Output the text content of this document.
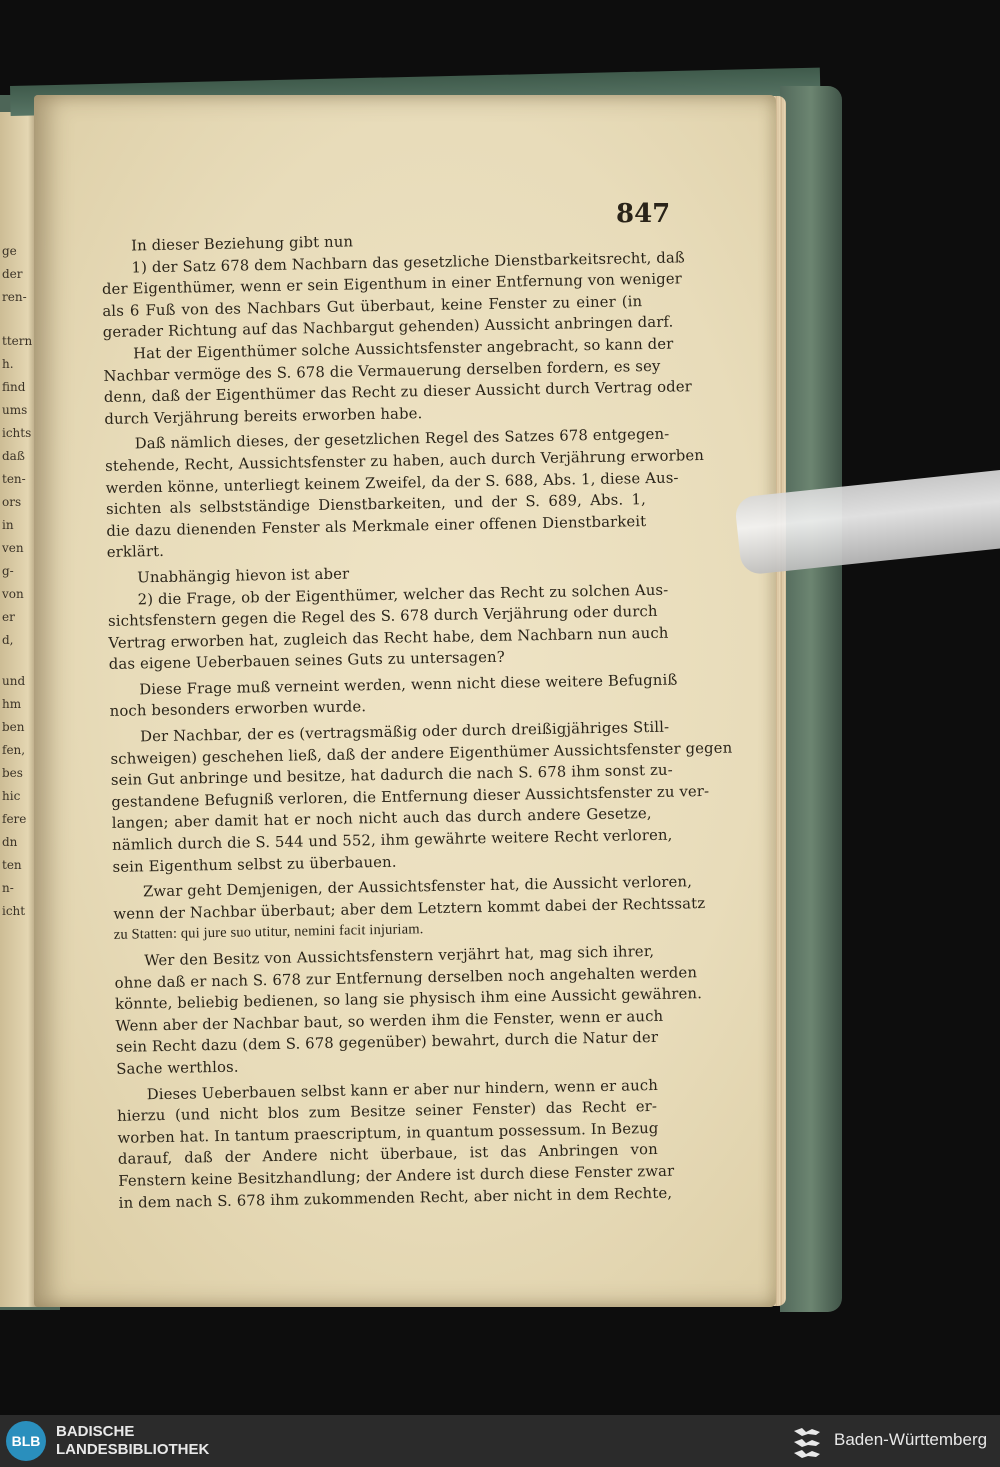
ge
der
ren-
ttern
h.
find
ums
ichts
daß
ten-
ors
in
ven
g-
von
er
d,
und
hm
ben
fen,
bes
hic
fere
dn
ten
n-
icht
847
In dieser Beziehung gibt nun
1) der Satz 678 dem Nachbarn das gesetzliche Dienstbarkeitsrecht, daß
der Eigenthümer, wenn er sein Eigenthum in einer Entfernung von weniger
als 6 Fuß von des Nachbars Gut überbaut, keine Fenster zu einer (in
gerader Richtung auf das Nachbargut gehenden) Aussicht anbringen darf.
Hat der Eigenthümer solche Aussichtsfenster angebracht, so kann der
Nachbar vermöge des S. 678 die Vermauerung derselben fordern, es sey
denn, daß der Eigenthümer das Recht zu dieser Aussicht durch Vertrag oder
durch Verjährung bereits erworben habe.
Daß nämlich dieses, der gesetzlichen Regel des Satzes 678 entgegen-
stehende, Recht, Aussichtsfenster zu haben, auch durch Verjährung erworben
werden könne, unterliegt keinem Zweifel, da der S. 688, Abs. 1, diese Aus-
sichten als selbstständige Dienstbarkeiten, und der S. 689, Abs. 1,
die dazu dienenden Fenster als Merkmale einer offenen Dienstbarkeit
erklärt.
Unabhängig hievon ist aber
2) die Frage, ob der Eigenthümer, welcher das Recht zu solchen Aus-
sichtsfenstern gegen die Regel des S. 678 durch Verjährung oder durch
Vertrag erworben hat, zugleich das Recht habe, dem Nachbarn nun auch
das eigene Ueberbauen seines Guts zu untersagen?
Diese Frage muß verneint werden, wenn nicht diese weitere Befugniß
noch besonders erworben wurde.
Der Nachbar, der es (vertragsmäßig oder durch dreißigjähriges Still-
schweigen) geschehen ließ, daß der andere Eigenthümer Aussichtsfenster gegen
sein Gut anbringe und besitze, hat dadurch die nach S. 678 ihm sonst zu-
gestandene Befugniß verloren, die Entfernung dieser Aussichtsfenster zu ver-
langen; aber damit hat er noch nicht auch das durch andere Gesetze,
nämlich durch die S. 544 und 552, ihm gewährte weitere Recht verloren,
sein Eigenthum selbst zu überbauen.
Zwar geht Demjenigen, der Aussichtsfenster hat, die Aussicht verloren,
wenn der Nachbar überbaut; aber dem Letztern kommt dabei der Rechtssatz
zu Statten: qui jure suo utitur, nemini facit injuriam.
Wer den Besitz von Aussichtsfenstern verjährt hat, mag sich ihrer,
ohne daß er nach S. 678 zur Entfernung derselben noch angehalten werden
könnte, beliebig bedienen, so lang sie physisch ihm eine Aussicht gewähren.
Wenn aber der Nachbar baut, so werden ihm die Fenster, wenn er auch
sein Recht dazu (dem S. 678 gegenüber) bewahrt, durch die Natur der
Sache werthlos.
Dieses Ueberbauen selbst kann er aber nur hindern, wenn er auch
hierzu (und nicht blos zum Besitze seiner Fenster) das Recht er-
worben hat. In tantum praescriptum, in quantum possessum. In Bezug
darauf, daß der Andere nicht überbaue, ist das Anbringen von
Fenstern keine Besitzhandlung; der Andere ist durch diese Fenster zwar
in dem nach S. 678 ihm zukommenden Recht, aber nicht in dem Rechte,
BLB
BADISCHE
LANDESBIBLIOTHEK
Baden-Württemberg
